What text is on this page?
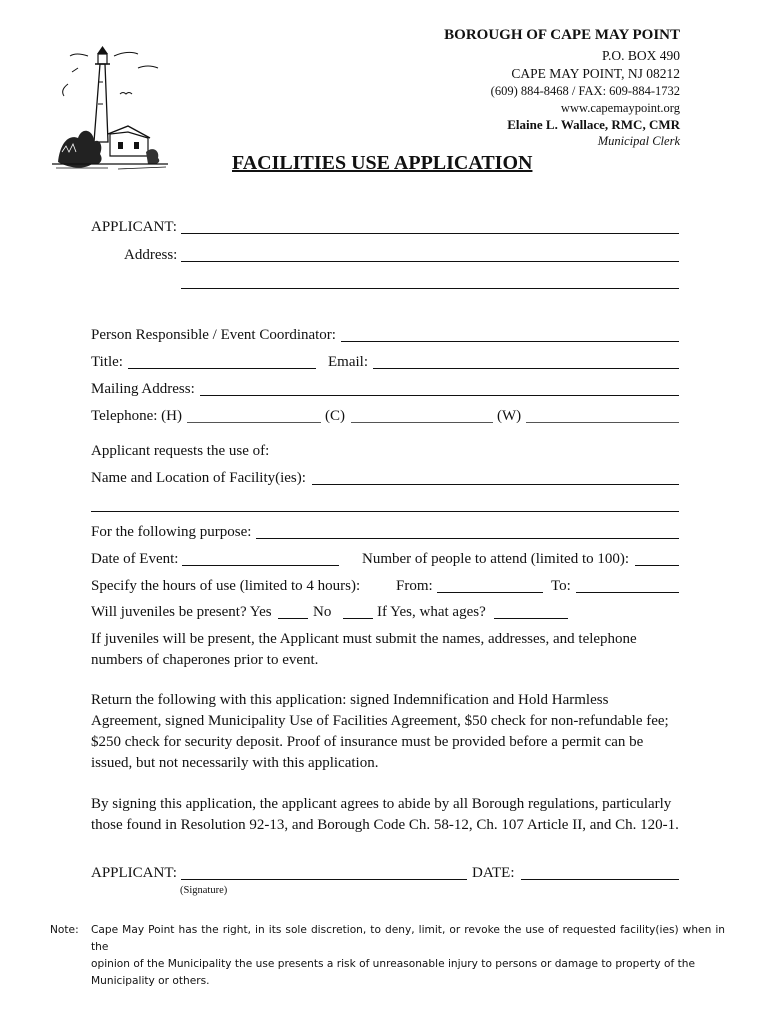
BOROUGH OF CAPE MAY POINT
P.O. BOX 490
CAPE MAY POINT, NJ 08212
(609) 884-8468 / FAX: 609-884-1732
www.capemaypoint.org
Elaine L. Wallace, RMC, CMR
Municipal Clerk
FACILITIES USE APPLICATION
APPLICANT:
Address:
Person Responsible / Event Coordinator:
Title:	Email:
Mailing Address:
Telephone: (H)	(C)	(W)
Applicant requests the use of:
Name and Location of Facility(ies):
For the following purpose:
Date of Event:	Number of people to attend (limited to 100):
Specify the hours of use (limited to 4 hours): From:	To:
Will juveniles be present? Yes	No	If Yes, what ages?
If juveniles will be present, the Applicant must submit the names, addresses, and telephone
numbers of chaperones prior to event.
Return the following with this application: signed Indemnification and Hold Harmless
Agreement, signed Municipality Use of Facilities Agreement, $50 check for non-refundable fee;
$250 check for security deposit. Proof of insurance must be provided before a permit can be
issued, but not necessarily with this application.
By signing this application, the applicant agrees to abide by all Borough regulations, particularly
those found in Resolution 92-13, and Borough Code Ch. 58-12, Ch. 107 Article II, and Ch. 120-1.
APPLICANT:	DATE:
(Signature)
Note: Cape May Point has the right, in its sole discretion, to deny, limit, or revoke the use of requested facility(ies) when in the
opinion of the Municipality the use presents a risk of unreasonable injury to persons or damage to property of the
Municipality or others.
